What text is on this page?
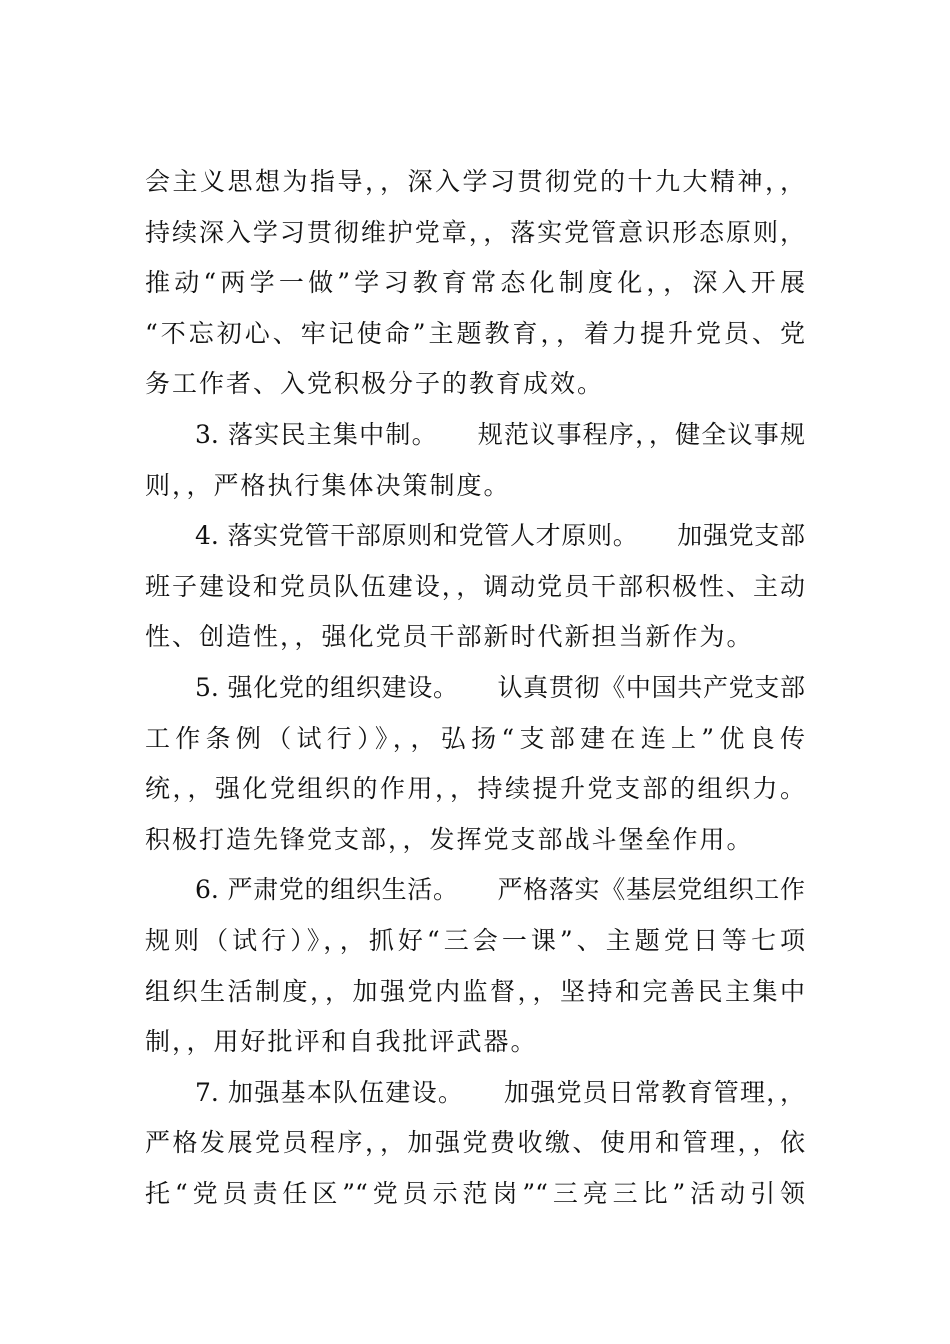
会主义思想为指导，，深入学习贯彻党的十九大精神，，
持续深入学习贯彻维护党章，，落实党管意识形态原则，
推动“两学一做”学习教育常态化制度化，，深入开展
“不忘初心、牢记使命”主题教育，，着力提升党员、党
务工作者、入党积极分子的教育成效。
3. 落实民主集中制。　　规范议事程序，，健全议事规
则，，严格执行集体决策制度。
4. 落实党管干部原则和党管人才原则。　　加强党支部
班子建设和党员队伍建设，，调动党员干部积极性、主动
性、创造性，，强化党员干部新时代新担当新作为。
5. 强化党的组织建设。　　认真贯彻《中国共产党支部
工作条例（试行）》，，弘扬“支部建在连上”优良传
统，，强化党组织的作用，，持续提升党支部的组织力。
积极打造先锋党支部，，发挥党支部战斗堡垒作用。
6. 严肃党的组织生活。　　严格落实《基层党组织工作
规则（试行）》，，抓好“三会一课”、主题党日等七项
组织生活制度，，加强党内监督，，坚持和完善民主集中
制，，用好批评和自我批评武器。
7. 加强基本队伍建设。　　加强党员日常教育管理，，
严格发展党员程序，，加强党费收缴、使用和管理，，依
托“党员责任区”“党员示范岗”“三亮三比”活动引领
